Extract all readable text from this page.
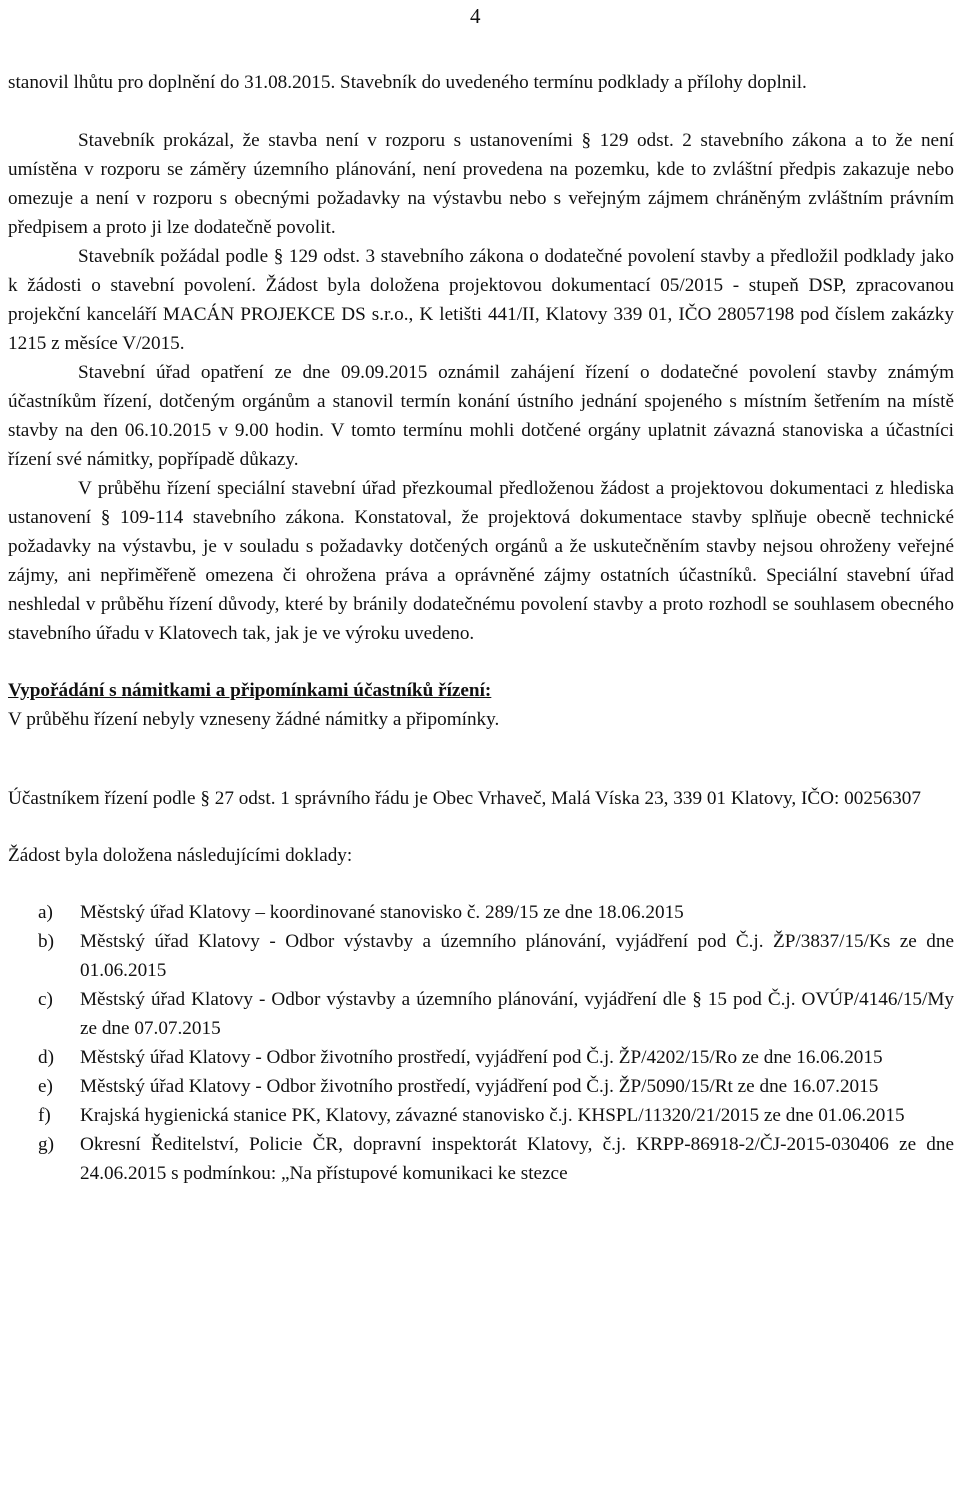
4

stanovil lhůtu pro doplnění do 31.08.2015. Stavebník do uvedeného termínu podklady a přílohy doplnil.

Stavebník prokázal, že stavba není v rozporu s ustanoveními § 129 odst. 2 stavebního zákona a to že není umístěna v rozporu se záměry územního plánování, není provedena na pozemku, kde to zvláštní předpis zakazuje nebo omezuje a není v rozporu s obecnými požadavky na výstavbu nebo s veřejným zájmem chráněným zvláštním právním předpisem a proto ji lze dodatečně povolit.

Stavebník požádal podle § 129 odst. 3 stavebního zákona o dodatečné povolení stavby a předložil podklady jako k žádosti o stavební povolení. Žádost byla doložena projektovou dokumentací 05/2015 - stupeň DSP, zpracovanou projekční kanceláří MACÁN PROJEKCE DS s.r.o., K letišti 441/II, Klatovy 339 01, IČO 28057198 pod číslem zakázky 1215 z měsíce V/2015.

Stavební úřad opatření ze dne 09.09.2015 oznámil zahájení řízení o dodatečné povolení stavby známým účastníkům řízení, dotčeným orgánům a stanovil termín konání ústního jednání spojeného s místním šetřením na místě stavby na den 06.10.2015 v 9.00 hodin. V tomto termínu mohli dotčené orgány uplatnit závazná stanoviska a účastníci řízení své námitky, popřípadě důkazy.

V průběhu řízení speciální stavební úřad přezkoumal předloženou žádost a projektovou dokumentaci z hlediska ustanovení § 109-114 stavebního zákona. Konstatoval, že projektová dokumentace stavby splňuje obecně technické požadavky na výstavbu, je v souladu s požadavky dotčených orgánů a že uskutečněním stavby nejsou ohroženy veřejné zájmy, ani nepřiměřeně omezena či ohrožena práva a oprávněné zájmy ostatních účastníků. Speciální stavební úřad neshledal v průběhu řízení důvody, které by bránily dodatečnému povolení stavby a proto rozhodl se souhlasem obecného stavebního úřadu v Klatovech tak, jak je ve výroku uvedeno.

Vypořádání s námitkami a připomínkami účastníků řízení:
V průběhu řízení nebyly vzneseny žádné námitky a připomínky.

Účastníkem řízení podle § 27 odst. 1 správního řádu je Obec Vrhaveč, Malá Víska 23, 339 01 Klatovy, IČO: 00256307

Žádost byla doložena následujícími doklady:

a) Městský úřad Klatovy – koordinované stanovisko č. 289/15 ze dne 18.06.2015
b) Městský úřad Klatovy - Odbor výstavby a územního plánování, vyjádření pod Č.j. ŽP/3837/15/Ks ze dne 01.06.2015
c) Městský úřad Klatovy - Odbor výstavby a územního plánování, vyjádření dle § 15 pod Č.j. OVÚP/4146/15/My ze dne 07.07.2015
d) Městský úřad Klatovy - Odbor životního prostředí, vyjádření pod Č.j. ŽP/4202/15/Ro ze dne 16.06.2015
e) Městský úřad Klatovy - Odbor životního prostředí, vyjádření pod Č.j. ŽP/5090/15/Rt ze dne 16.07.2015
f) Krajská hygienická stanice PK, Klatovy, závazné stanovisko č.j. KHSPL/11320/21/2015 ze dne 01.06.2015
g) Okresní Ředitelství, Policie ČR, dopravní inspektorát Klatovy, č.j. KRPP-86918-2/ČJ-2015-030406 ze dne 24.06.2015 s podmínkou: „Na přístupové komunikaci ke stezce
